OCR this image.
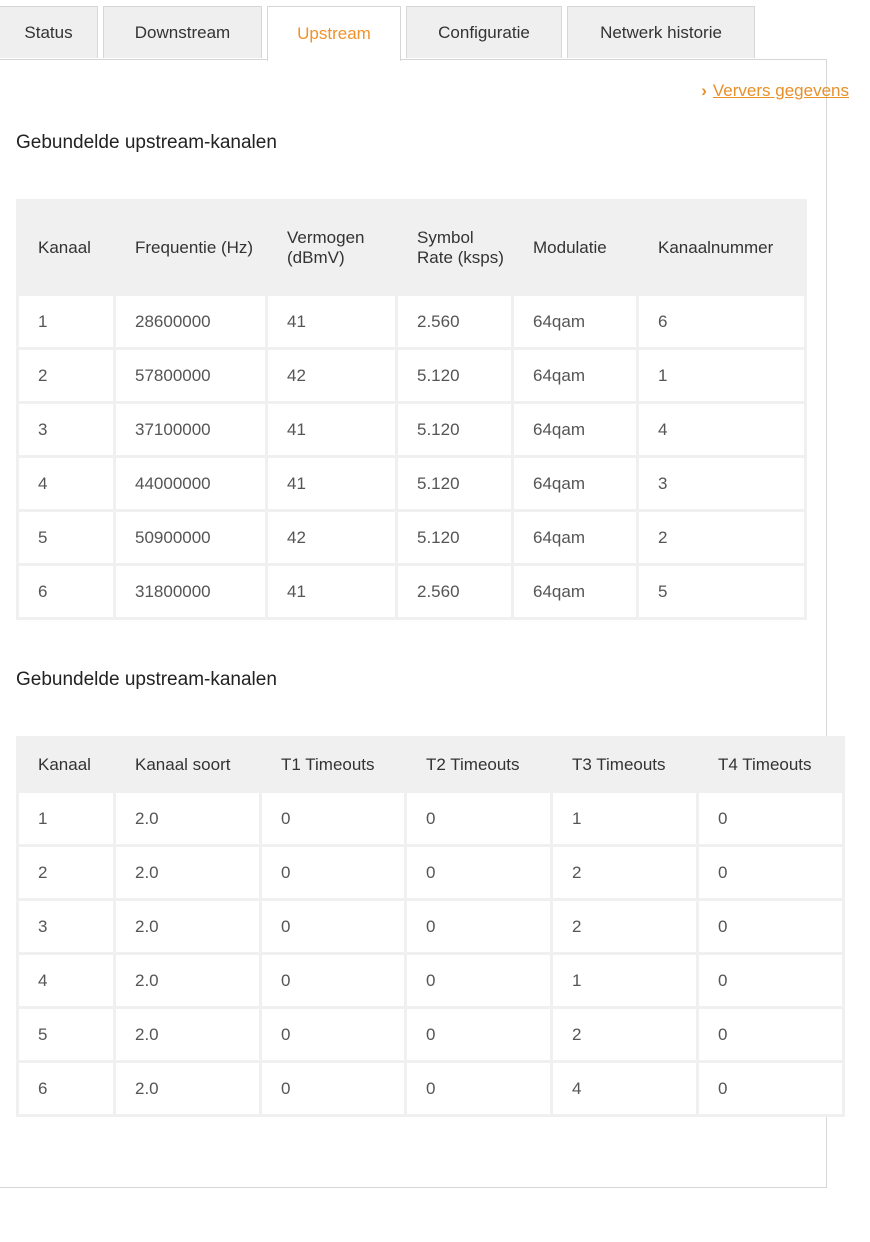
Status	Downstream	Upstream	Configuratie	Netwerk historie
› Ververs gegevens
Gebundelde upstream-kanalen
Kanaal	Frequentie (Hz)	Vermogen (dBmV)	Symbol Rate (ksps)	Modulatie	Kanaalnummer
1	28600000	41	2.560	64qam	6
2	57800000	42	5.120	64qam	1
3	37100000	41	5.120	64qam	4
4	44000000	41	5.120	64qam	3
5	50900000	42	5.120	64qam	2
6	31800000	41	2.560	64qam	5
Gebundelde upstream-kanalen
Kanaal	Kanaal soort	T1 Timeouts	T2 Timeouts	T3 Timeouts	T4 Timeouts
1	2.0	0	0	1	0
2	2.0	0	0	2	0
3	2.0	0	0	2	0
4	2.0	0	0	1	0
5	2.0	0	0	2	0
6	2.0	0	0	4	0
